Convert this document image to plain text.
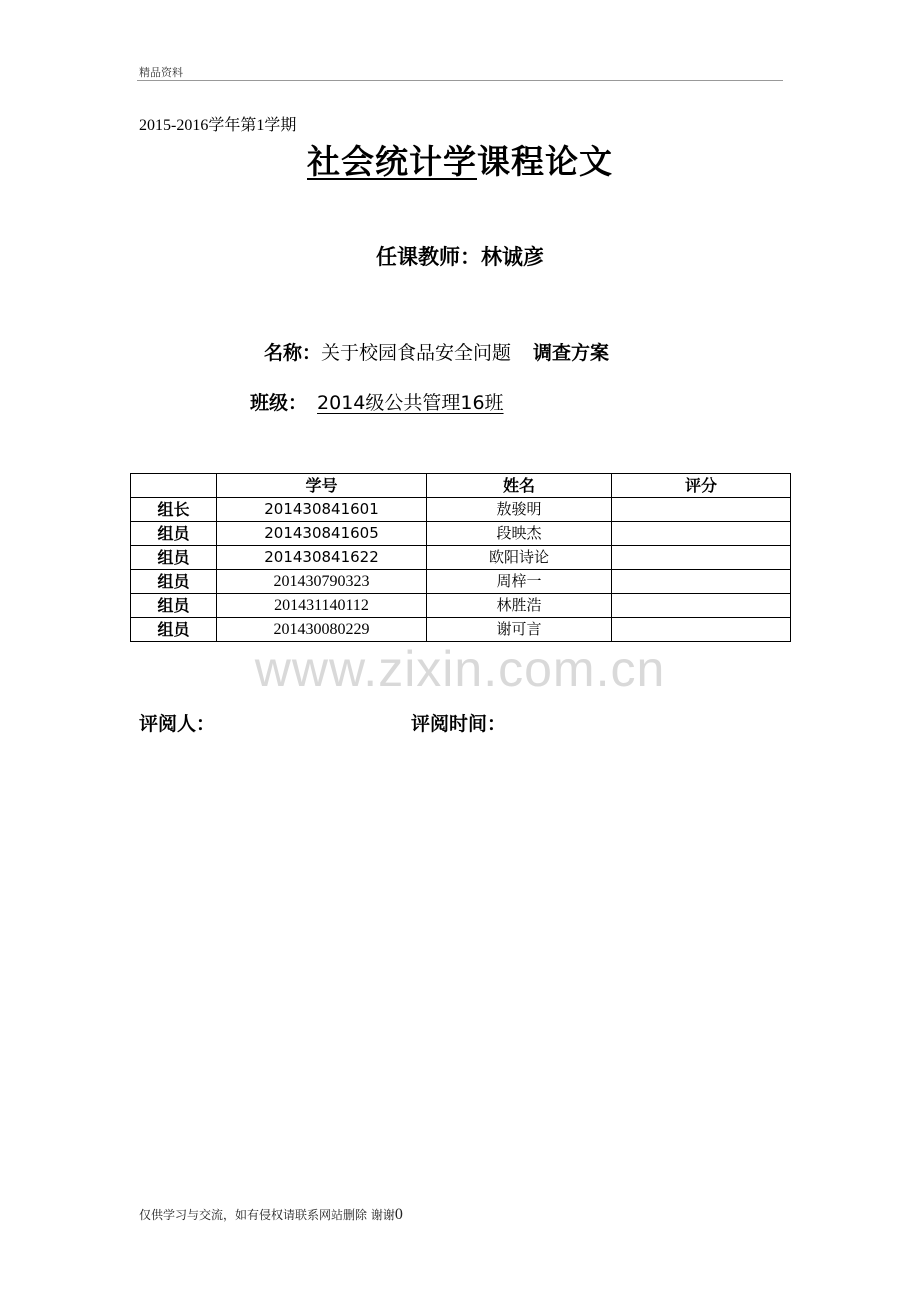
精品资料
2015-2016学年第1学期
社会统计学课程论文
任课教师：林诚彦
名称：关于校园食品安全问题 调查方案
班级： 2014级公共管理16班
	学号	姓名	评分
组长	201430841601	敖骏明	
组员	201430841605	段映杰	
组员	201430841622	欧阳诗论	
组员	201430790323	周梓一	
组员	201431140112	林胜浩	
组员	201430080229	谢可言	
www.zixin.com.cn
评阅人：	评阅时间：
仅供学习与交流，如有侵权请联系网站删除 谢谢0
